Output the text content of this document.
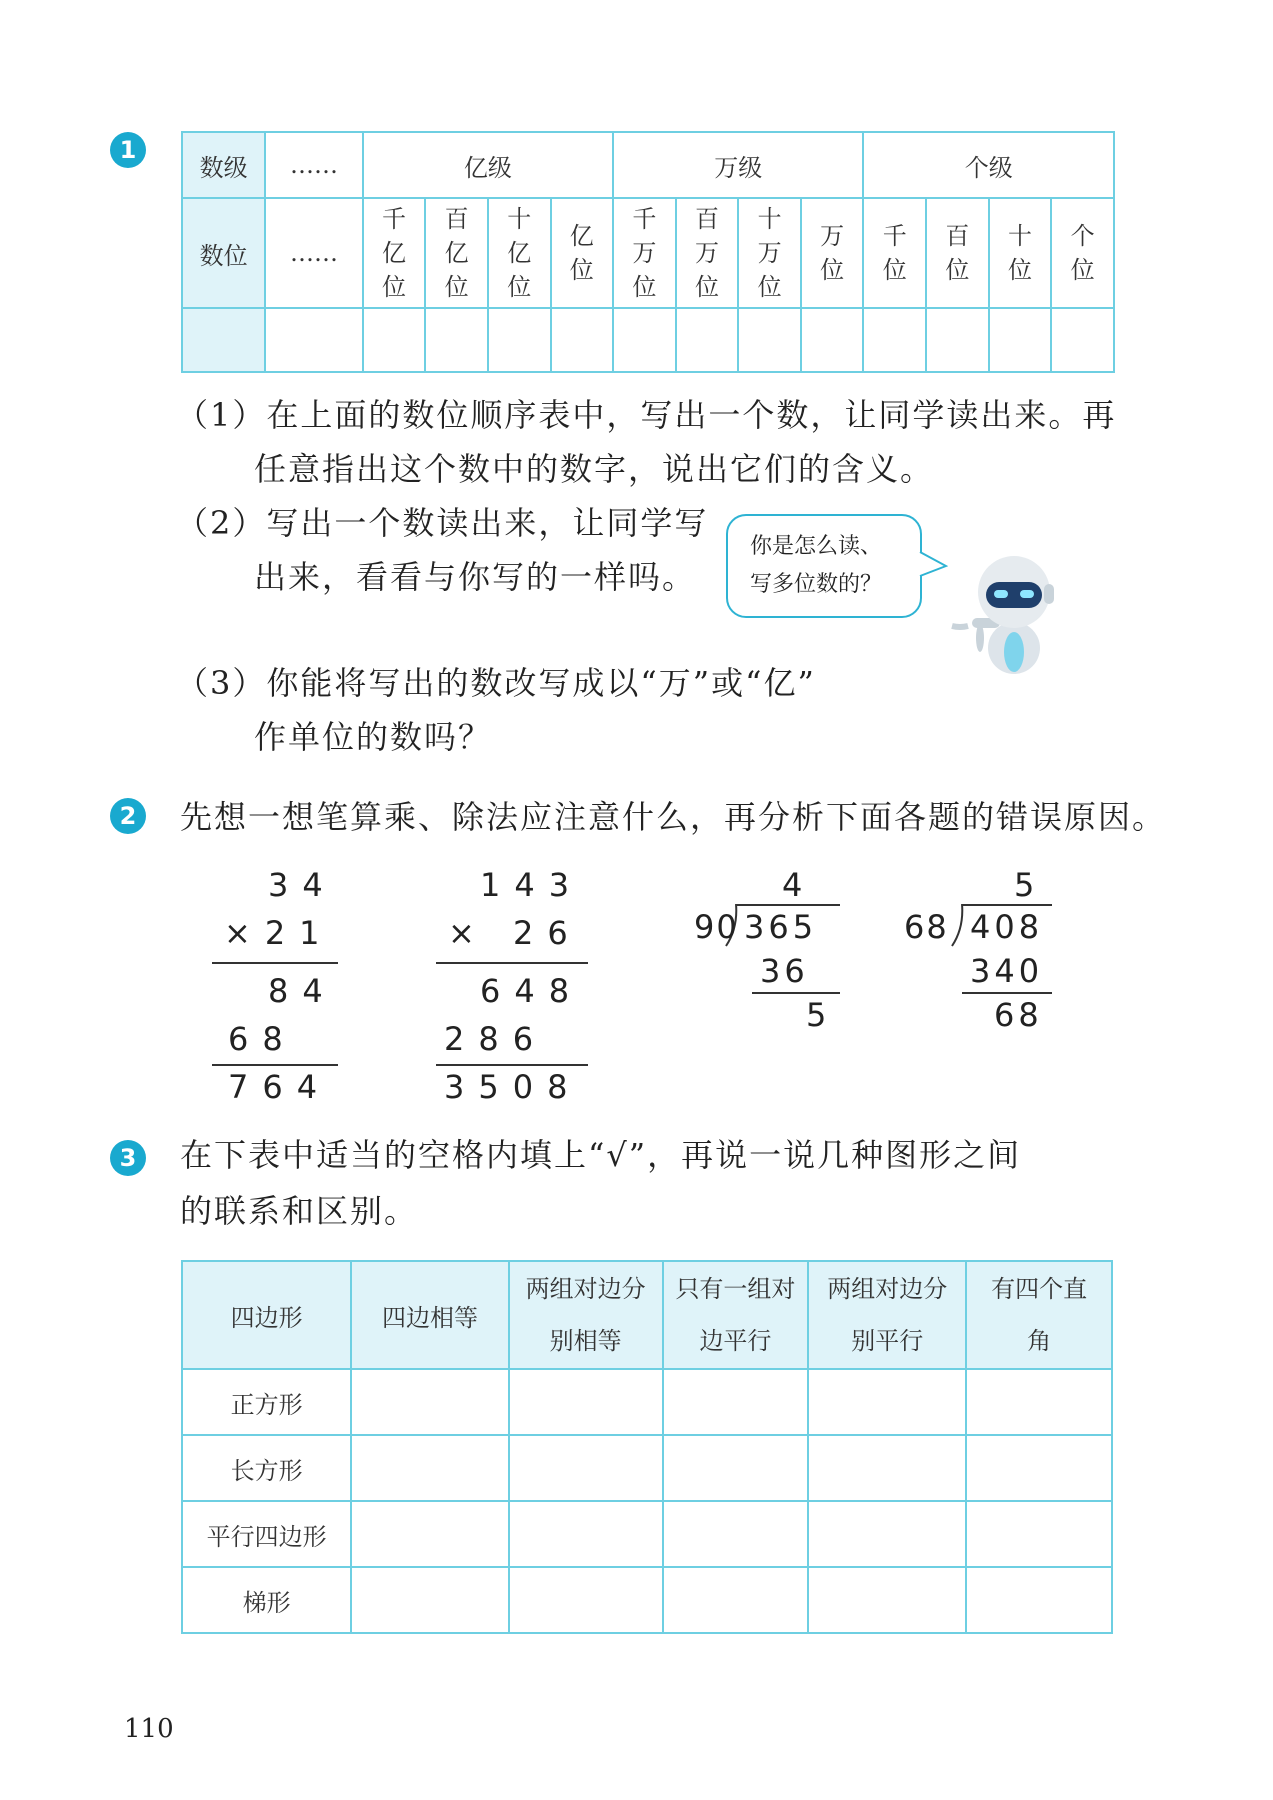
1
数级	……	亿级				万级				个级			
数位	……	千亿位	百亿位	十亿位	亿位	千万位	百万位	十万位	万位	千位	百位	十位	个位

（1）在上面的数位顺序表中，写出一个数，让同学读出来。再
任意指出这个数中的数字，说出它们的含义。
（2）写出一个数读出来，让同学写
出来，看看与你写的一样吗。
你是怎么读、
写多位数的？
（3）你能将写出的数改写成以“万”或“亿”
作单位的数吗？
2	先想一想笔算乘、除法应注意什么，再分析下面各题的错误原因。
34
×21
84
68
764
143
× 26
648
286
3508
4
90 365
36
5
5
68 408
340
68
3	在下表中适当的空格内填上“√”，再说一说几种图形之间
的联系和区别。
四边形	四边相等	两组对边分别相等	只有一组对边平行	两组对边分别平行	有四个直角
正方形					
长方形					
平行四边形					
梯形					
110
